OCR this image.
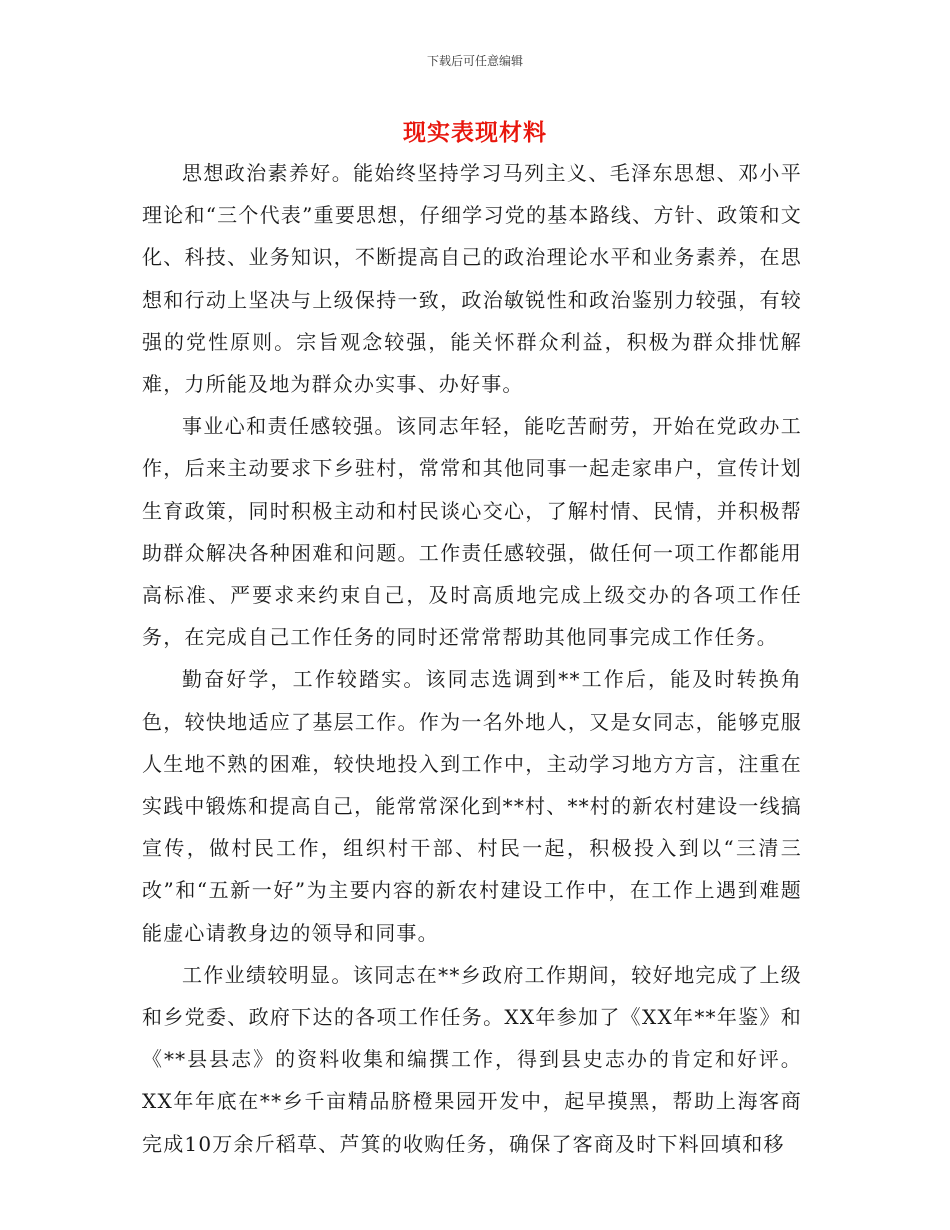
下载后可任意编辑
现实表现材料

思想政治素养好。能始终坚持学习马列主义、毛泽东思想、邓小平理论和“三个代表”重要思想，仔细学习党的基本路线、方针、政策和文化、科技、业务知识，不断提高自己的政治理论水平和业务素养，在思想和行动上坚决与上级保持一致，政治敏锐性和政治鉴别力较强，有较强的党性原则。宗旨观念较强，能关怀群众利益，积极为群众排忧解难，力所能及地为群众办实事、办好事。

事业心和责任感较强。该同志年轻，能吃苦耐劳，开始在党政办工作，后来主动要求下乡驻村，常常和其他同事一起走家串户，宣传计划生育政策，同时积极主动和村民谈心交心，了解村情、民情，并积极帮助群众解决各种困难和问题。工作责任感较强，做任何一项工作都能用高标准、严要求来约束自己，及时高质地完成上级交办的各项工作任务，在完成自己工作任务的同时还常常帮助其他同事完成工作任务。

勤奋好学，工作较踏实。该同志选调到**工作后，能及时转换角色，较快地适应了基层工作。作为一名外地人，又是女同志，能够克服人生地不熟的困难，较快地投入到工作中，主动学习地方方言，注重在实践中锻炼和提高自己，能常常深化到**村、**村的新农村建设一线搞宣传，做村民工作，组织村干部、村民一起，积极投入到以“三清三改”和“五新一好”为主要内容的新农村建设工作中，在工作上遇到难题能虚心请教身边的领导和同事。

工作业绩较明显。该同志在**乡政府工作期间，较好地完成了上级和乡党委、政府下达的各项工作任务。XX年参加了《XX年**年鉴》和《**县县志》的资料收集和编撰工作，得到县史志办的肯定和好评。XX年年底在**乡千亩精品脐橙果园开发中，起早摸黑，帮助上海客商完成10万余斤稻草、芦箕的收购任务，确保了客商及时下料回填和移
